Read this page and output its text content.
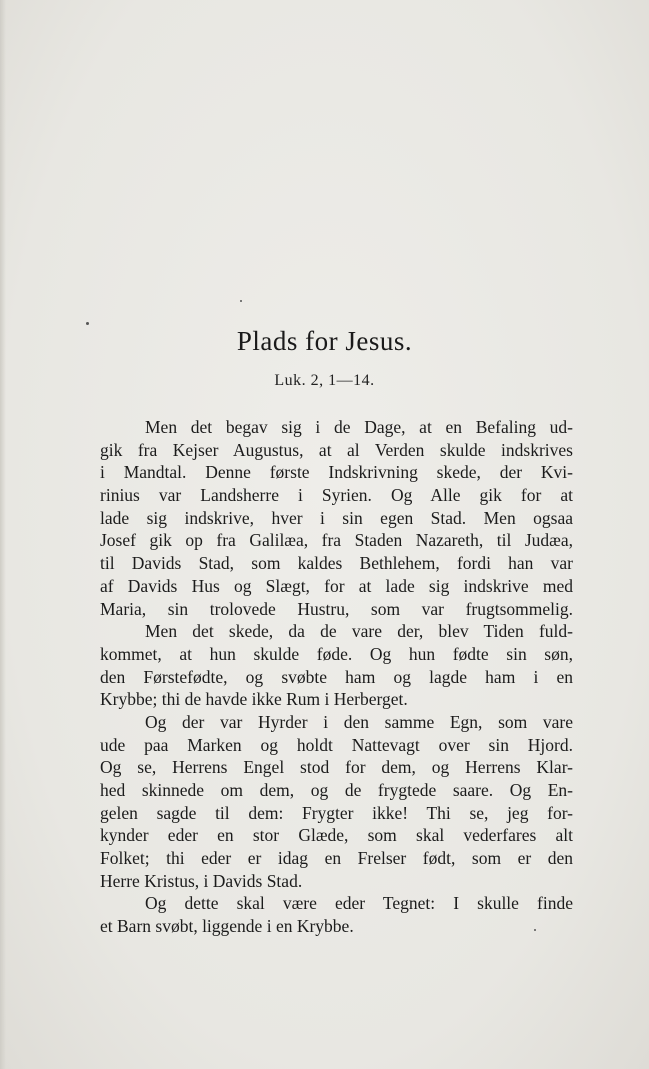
Plads for Jesus.
Luk. 2, 1—14.
Men det begav sig i de Dage, at en Befaling ud-
gik fra Kejser Augustus, at al Verden skulde indskrives
i Mandtal. Denne første Indskrivning skede, der Kvi-
rinius var Landsherre i Syrien. Og Alle gik for at
lade sig indskrive, hver i sin egen Stad. Men ogsaa
Josef gik op fra Galilæa, fra Staden Nazareth, til Judæa,
til Davids Stad, som kaldes Bethlehem, fordi han var
af Davids Hus og Slægt, for at lade sig indskrive med
Maria, sin trolovede Hustru, som var frugtsommelig.
Men det skede, da de vare der, blev Tiden fuld-
kommet, at hun skulde føde. Og hun fødte sin søn,
den Førstefødte, og svøbte ham og lagde ham i en
Krybbe; thi de havde ikke Rum i Herberget.
Og der var Hyrder i den samme Egn, som vare
ude paa Marken og holdt Nattevagt over sin Hjord.
Og se, Herrens Engel stod for dem, og Herrens Klar-
hed skinnede om dem, og de frygtede saare. Og En-
gelen sagde til dem: Frygter ikke! Thi se, jeg for-
kynder eder en stor Glæde, som skal vederfares alt
Folket; thi eder er idag en Frelser født, som er den
Herre Kristus, i Davids Stad.
Og dette skal være eder Tegnet: I skulle finde
et Barn svøbt, liggende i en Krybbe.
